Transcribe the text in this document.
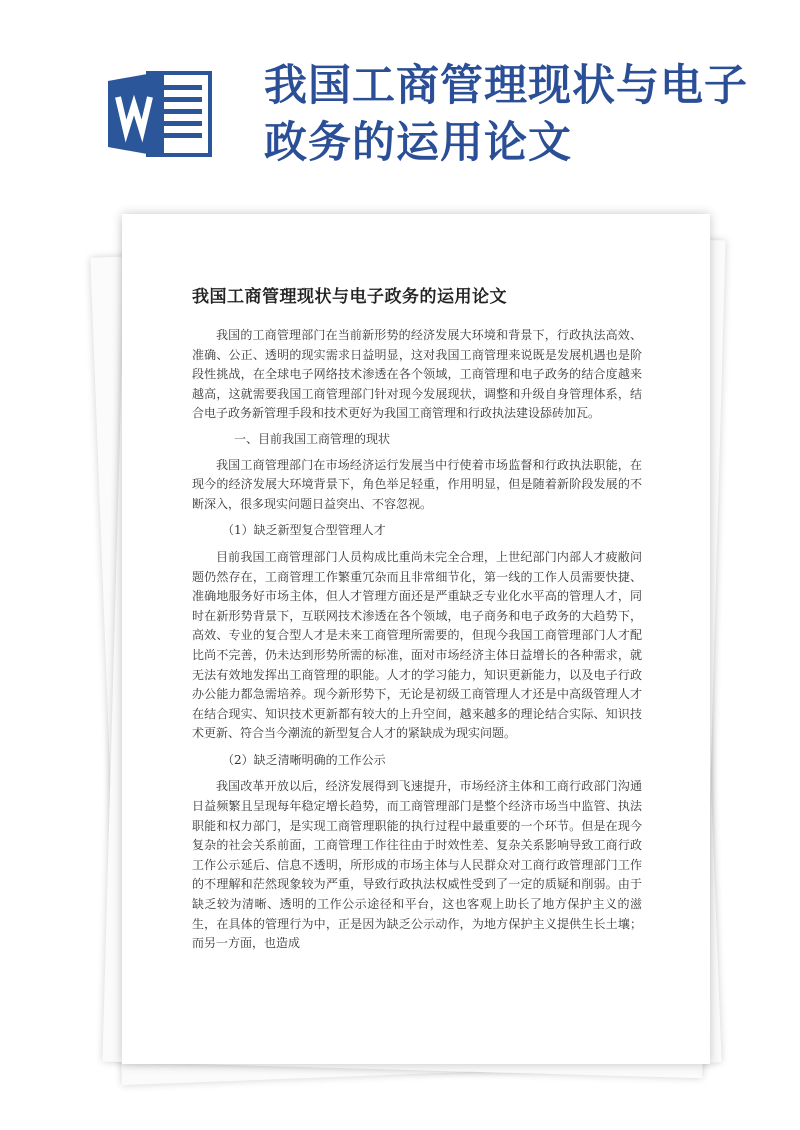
我国工商管理现状与电子政务的运用论文
我国工商管理现状与电子政务的运用论文

我国的工商管理部门在当前新形势的经济发展大环境和背景下，行政执法高效、准确、公正、透明的现实需求日益明显，这对我国工商管理来说既是发展机遇也是阶段性挑战，在全球电子网络技术渗透在各个领域，工商管理和电子政务的结合度越来越高，这就需要我国工商管理部门针对现今发展现状，调整和升级自身管理体系，结合电子政务新管理手段和技术更好为我国工商管理和行政执法建设舔砖加瓦。

一、目前我国工商管理的现状

我国工商管理部门在市场经济运行发展当中行使着市场监督和行政执法职能，在现今的经济发展大环境背景下，角色举足轻重，作用明显，但是随着新阶段发展的不断深入，很多现实问题日益突出、不容忽视。

（1）缺乏新型复合型管理人才

目前我国工商管理部门人员构成比重尚未完全合理，上世纪部门内部人才疲敝问题仍然存在，工商管理工作繁重冗杂而且非常细节化，第一线的工作人员需要快捷、准确地服务好市场主体，但人才管理方面还是严重缺乏专业化水平高的管理人才，同时在新形势背景下，互联网技术渗透在各个领域，电子商务和电子政务的大趋势下，高效、专业的复合型人才是未来工商管理所需要的，但现今我国工商管理部门人才配比尚不完善，仍未达到形势所需的标准，面对市场经济主体日益增长的各种需求，就无法有效地发挥出工商管理的职能。人才的学习能力，知识更新能力，以及电子行政办公能力都急需培养。现今新形势下，无论是初级工商管理人才还是中高级管理人才在结合现实、知识技术更新都有较大的上升空间，越来越多的理论结合实际、知识技术更新、符合当今潮流的新型复合人才的紧缺成为现实问题。

（2）缺乏清晰明确的工作公示

我国改革开放以后，经济发展得到飞速提升，市场经济主体和工商行政部门沟通日益频繁且呈现每年稳定增长趋势，而工商管理部门是整个经济市场当中监管、执法职能和权力部门，是实现工商管理职能的执行过程中最重要的一个环节。但是在现今复杂的社会关系前面，工商管理工作往往由于时效性差、复杂关系影响导致工商行政工作公示延后、信息不透明，所形成的市场主体与人民群众对工商行政管理部门工作的不理解和茫然现象较为严重，导致行政执法权威性受到了一定的质疑和削弱。由于缺乏较为清晰、透明的工作公示途径和平台，这也客观上助长了地方保护主义的滋生，在具体的管理行为中，正是因为缺乏公示动作，为地方保护主义提供生长土壤；而另一方面，也造成
